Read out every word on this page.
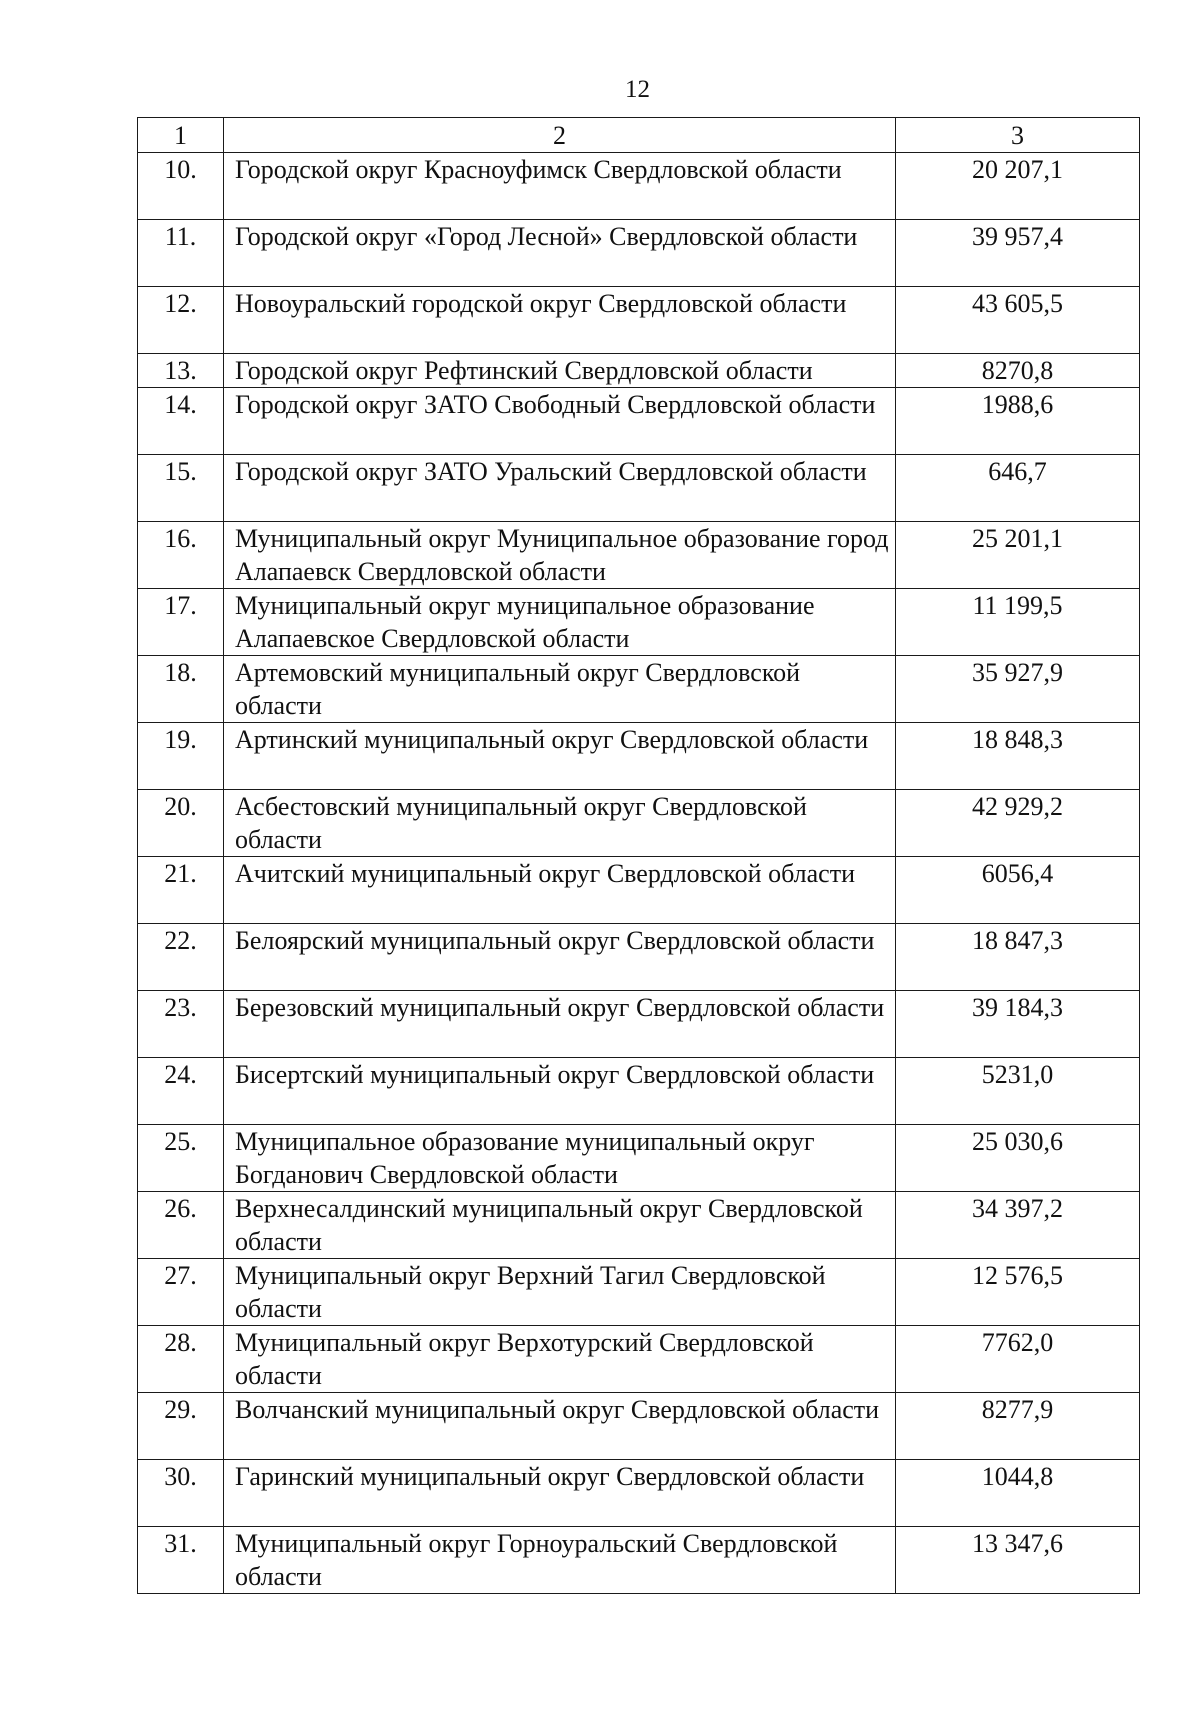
12
1	2	3
10.	Городской округ Красноуфимск Свердловской области	20 207,1
11.	Городской округ «Город Лесной» Свердловской области	39 957,4
12.	Новоуральский городской округ Свердловской области	43 605,5
13.	Городской округ Рефтинский Свердловской области	8270,8
14.	Городской округ ЗАТО Свободный Свердловской области	1988,6
15.	Городской округ ЗАТО Уральский Свердловской области	646,7
16.	Муниципальный округ Муниципальное образование город Алапаевск Свердловской области	25 201,1
17.	Муниципальный округ муниципальное образование Алапаевское Свердловской области	11 199,5
18.	Артемовский муниципальный округ Свердловской области	35 927,9
19.	Артинский муниципальный округ Свердловской области	18 848,3
20.	Асбестовский муниципальный округ Свердловской области	42 929,2
21.	Ачитский муниципальный округ Свердловской области	6056,4
22.	Белоярский муниципальный округ Свердловской области	18 847,3
23.	Березовский муниципальный округ Свердловской области	39 184,3
24.	Бисертский муниципальный округ Свердловской области	5231,0
25.	Муниципальное образование муниципальный округ Богданович Свердловской области	25 030,6
26.	Верхнесалдинский муниципальный округ Свердловской области	34 397,2
27.	Муниципальный округ Верхний Тагил Свердловской области	12 576,5
28.	Муниципальный округ Верхотурский Свердловской области	7762,0
29.	Волчанский муниципальный округ Свердловской области	8277,9
30.	Гаринский муниципальный округ Свердловской области	1044,8
31.	Муниципальный округ Горноуральский Свердловской области	13 347,6
